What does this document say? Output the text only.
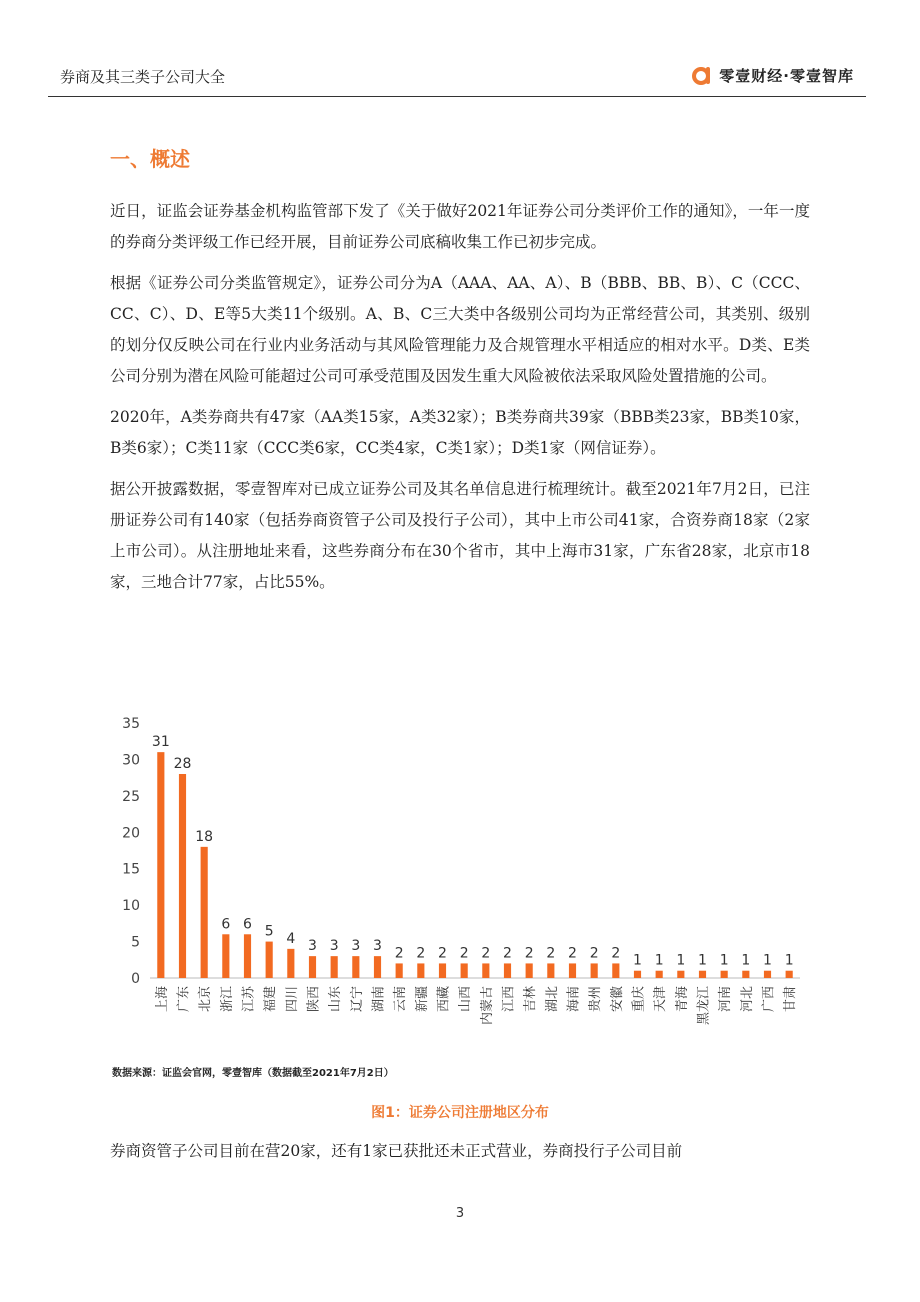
券商及其三类子公司大全	零壹财经·零壹智库
一、概述

近日，证监会证券基金机构监管部下发了《关于做好2021年证券公司分类评价工作的通知》，一年一度的券商分类评级工作已经开展，目前证券公司底稿收集工作已初步完成。

根据《证券公司分类监管规定》，证券公司分为A（AAA、AA、A）、B（BBB、BB、B）、C（CCC、CC、C）、D、E等5大类11个级别。A、B、C三大类中各级别公司均为正常经营公司，其类别、级别的划分仅反映公司在行业内业务活动与其风险管理能力及合规管理水平相适应的相对水平。D类、E类公司分别为潜在风险可能超过公司可承受范围及因发生重大风险被依法采取风险处置措施的公司。

2020年，A类券商共有47家（AA类15家，A类32家）；B类券商共39家（BBB类23家，BB类10家，B类6家）；C类11家（CCC类6家，CC类4家，C类1家）；D类1家（网信证券）。

据公开披露数据，零壹智库对已成立证券公司及其名单信息进行梳理统计。截至2021年7月2日，已注册证券公司有140家（包括券商资管子公司及投行子公司），其中上市公司41家，合资券商18家（2家上市公司）。从注册地址来看，这些券商分布在30个省市，其中上海市31家，广东省28家，北京市18家，三地合计77家，占比55%。

0
5
10
15
20
25
30
35
31
上海
28
广东
18
北京
6
浙江
6
江苏
5
福建
4
四川
3
陕西
3
山东
3
辽宁
3
湖南
2
云南
2
新疆
2
西藏
2
山西
2
内蒙古
2
江西
2
吉林
2
湖北
2
海南
2
贵州
2
安徽
1
重庆
1
天津
1
青海
1
黑龙江
1
河南
1
河北
1
广西
1
甘肃
数据来源：证监会官网，零壹智库（数据截至2021年7月2日）
图1：证券公司注册地区分布
券商资管子公司目前在营20家，还有1家已获批还未正式营业，券商投行子公司目前
3
